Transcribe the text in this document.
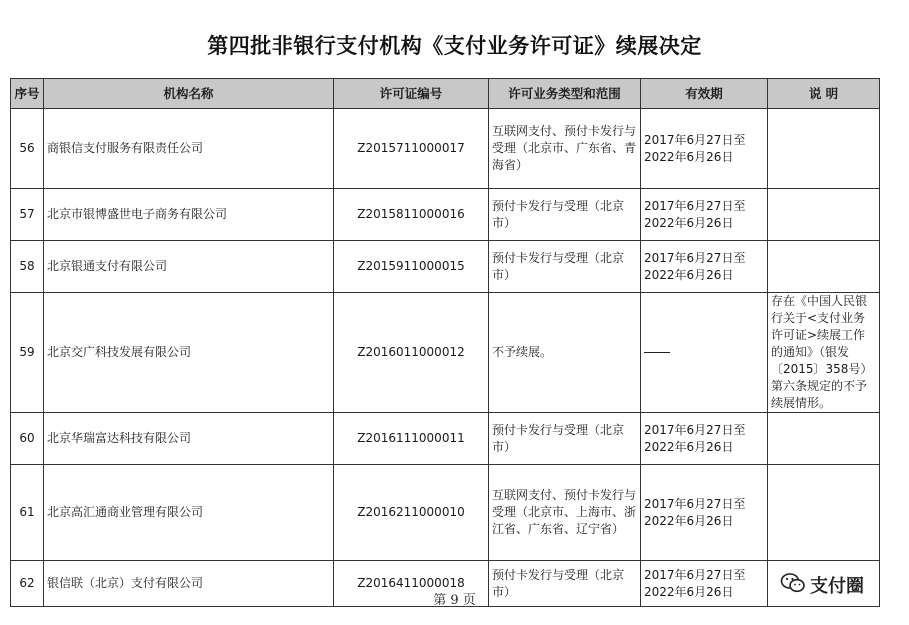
第四批非银行支付机构《支付业务许可证》续展决定
序号	机构名称	许可证编号	许可业务类型和范围	有效期	说 明
56	商银信支付服务有限责任公司	Z2015711000017	互联网支付、预付卡发行与受理（北京市、广东省、青海省）	2017年6月27日至2022年6月26日	
57	北京市银博盛世电子商务有限公司	Z2015811000016	预付卡发行与受理（北京市）	2017年6月27日至2022年6月26日	
58	北京银通支付有限公司	Z2015911000015	预付卡发行与受理（北京市）	2017年6月27日至2022年6月26日	
59	北京交广科技发展有限公司	Z2016011000012	不予续展。		存在《中国人民银行关于<支付业务许可证>续展工作的通知》（银发〔2015〕358号）第六条规定的不予续展情形。
60	北京华瑞富达科技有限公司	Z2016111000011	预付卡发行与受理（北京市）	2017年6月27日至2022年6月26日	
61	北京高汇通商业管理有限公司	Z2016211000010	互联网支付、预付卡发行与受理（北京市、上海市、浙江省、广东省、辽宁省）	2017年6月27日至2022年6月26日	
62	银信联（北京）支付有限公司	Z2016411000018	预付卡发行与受理（北京市）	2017年6月27日至2022年6月26日		支付圈
第 9 页
